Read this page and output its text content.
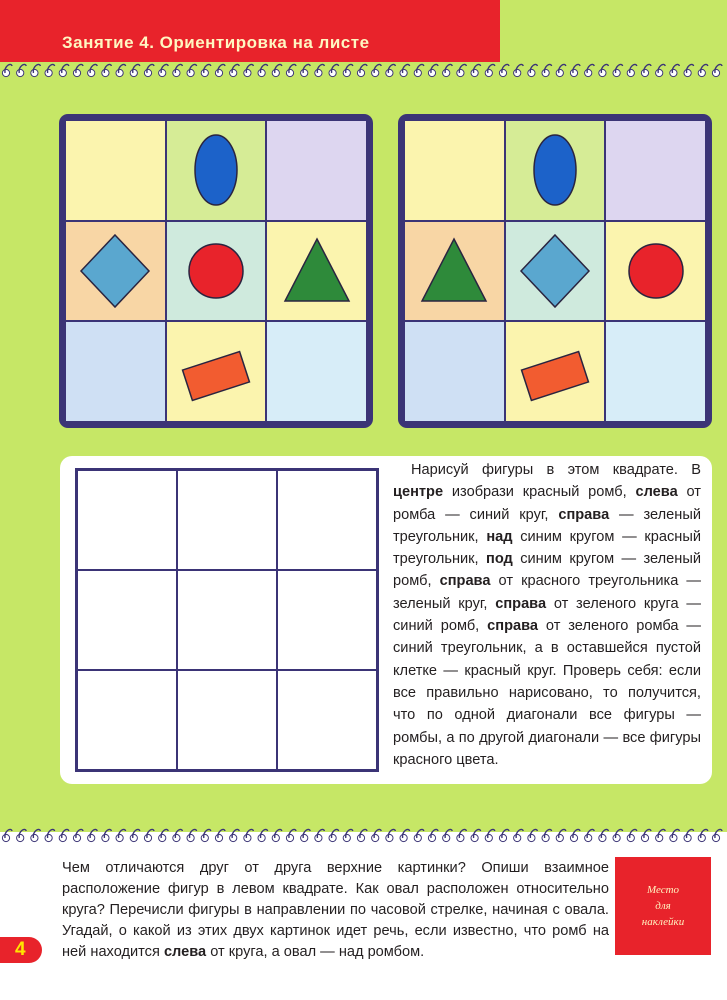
Занятие 4. Ориентировка на листе

Нарисуй фигуры в этом квадрате. В центре изобрази красный ромб, слева от ромба — синий круг, справа — зеленый треугольник, над синим кругом — красный треугольник, под синим кругом — зеленый ромб, справа от красного треугольника — зеленый круг, справа от зеленого круга — синий ромб, справа от зеленого ромба — синий треугольник, а в оставшейся пустой клетке — красный круг. Проверь себя: если все правильно нарисовано, то получится, что по одной диагонали все фигуры — ромбы, а по другой диагонали — все фигуры красного цвета.

Чем отличаются друг от друга верхние картинки? Опиши взаимное расположение фигур в левом квадрате. Как овал расположен относительно круга? Перечисли фигуры в направлении по часовой стрелке, начиная с овала. Угадай, о какой из этих двух картинок идет речь, если известно, что ромб на ней находится слева от круга, а овал — над ромбом.

Место
для
наклейки
4
